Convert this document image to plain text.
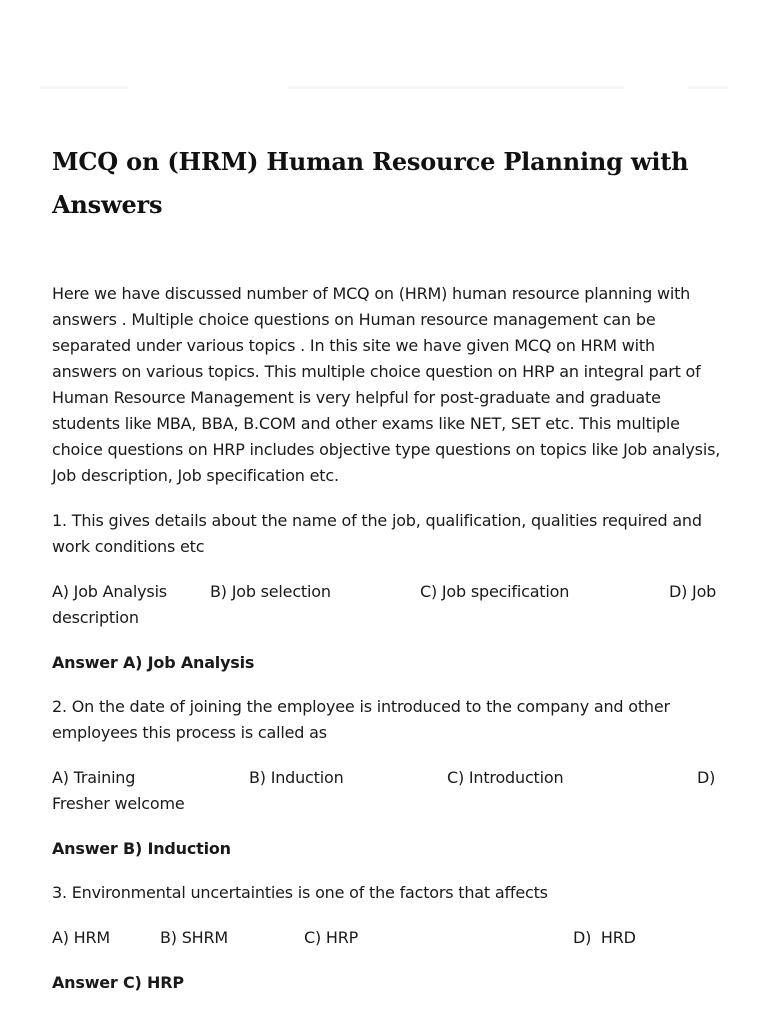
MCQ on (HRM) Human Resource Planning with Answers

Here we have discussed number of MCQ on (HRM) human resource planning with answers . Multiple choice questions on Human resource management can be separated under various topics . In this site we have given MCQ on HRM with answers on various topics. This multiple choice question on HRP an integral part of Human Resource Management is very helpful for post-graduate and graduate students like MBA, BBA, B.COM and other exams like NET, SET etc. This multiple choice questions on HRP includes objective type questions on topics like Job analysis, Job description, Job specification etc.

1. This gives details about the name of the job, qualification, qualities required and work conditions etc

A) Job Analysis	B) Job selection	C) Job specification	D) Job description

Answer A) Job Analysis

2. On the date of joining the employee is introduced to the company and other employees this process is called as

A) Training	B) Induction	C) Introduction	D) Fresher welcome

Answer B) Induction

3. Environmental uncertainties is one of the factors that affects

A) HRM	B) SHRM	C) HRP	D)  HRD

Answer C) HRP
